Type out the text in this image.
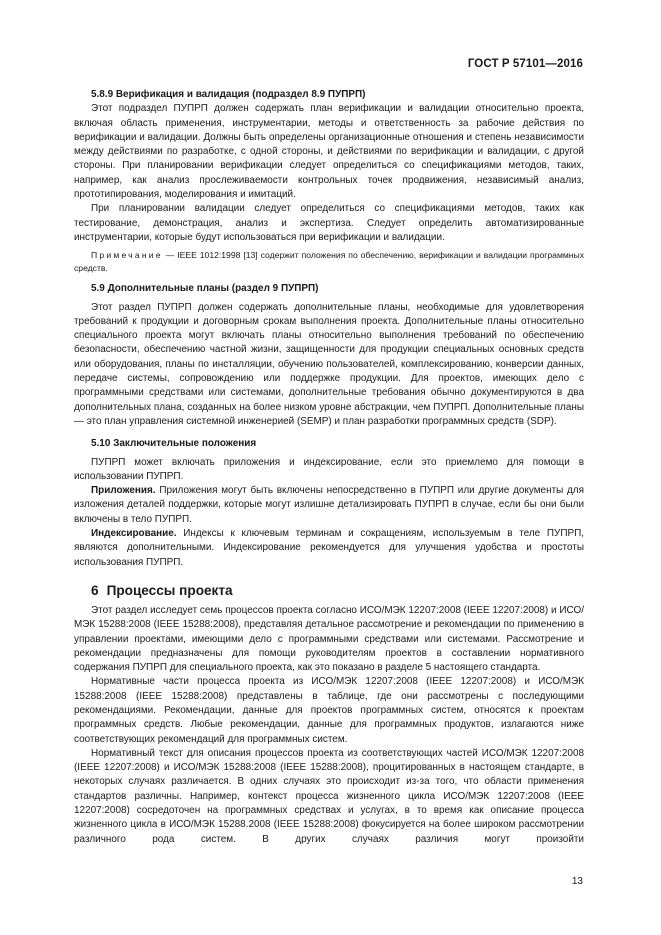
ГОСТ Р 57101—2016
5.8.9 Верификация и валидация (подраздел 8.9 ПУПРП)

Этот подраздел ПУПРП должен содержать план верификации и валидации относительно проекта, включая область применения, инструментарии, методы и ответственность за рабочие действия по верификации и валидации. Должны быть определены организационные отношения и степень независимости между действиями по разработке, с одной стороны, и действиями по верификации и валидации, с другой стороны. При планировании верификации следует определиться со спецификациями методов, таких, например, как анализ прослеживаемости контрольных точек продвижения, независимый анализ, прототипирования, моделирования и имитаций.

При планировании валидации следует определиться со спецификациями методов, таких как тестирование, демонстрация, анализ и экспертиза. Следует определить автоматизированные инструментарии, которые будут использоваться при верификации и валидации.

Примечание — IEEE 1012:1998 [13] содержит положения по обеспечению, верификации и валидации программных средств.

5.9 Дополнительные планы (раздел 9 ПУПРП)

Этот раздел ПУПРП должен содержать дополнительные планы, необходимые для удовлетворения требований к продукции и договорным срокам выполнения проекта. Дополнительные планы относительно специального проекта могут включать планы относительно выполнения требований по обеспечению безопасности, обеспечению частной жизни, защищенности для продукции специальных основных средств или оборудования, планы по инсталляции, обучению пользователей, комплексированию, конверсии данных, передаче системы, сопровождению или поддержке продукции. Для проектов, имеющих дело с программными средствами или системами, дополнительные требования обычно документируются в два дополнительных плана, созданных на более низком уровне абстракции, чем ПУПРП. Дополнительные планы — это план управления системной инженерией (SEMP) и план разработки программных средств (SDP).

5.10 Заключительные положения

ПУПРП может включать приложения и индексирование, если это приемлемо для помощи в использовании ПУПРП.

Приложения. Приложения могут быть включены непосредственно в ПУПРП или другие документы для изложения деталей поддержки, которые могут излишне детализировать ПУПРП в случае, если бы они были включены в тело ПУПРП.

Индексирование. Индексы к ключевым терминам и сокращениям, используемым в теле ПУПРП, являются дополнительными. Индексирование рекомендуется для улучшения удобства и простоты использования ПУПРП.

6 Процессы проекта

Этот раздел исследует семь процессов проекта согласно ИСО/МЭК 12207:2008 (IEEE 12207:2008) и ИСО/МЭК 15288:2008 (IEEE 15288:2008), представляя детальное рассмотрение и рекомендации по применению в управлении проектами, имеющими дело с программными средствами или системами. Рассмотрение и рекомендации предназначены для помощи руководителям проектов в составлении нормативного содержания ПУПРП для специального проекта, как это показано в разделе 5 настоящего стандарта.

Нормативные части процесса проекта из ИСО/МЭК 12207:2008 (IEEE 12207:2008) и ИСО/МЭК 15288:2008 (IEEE 15288:2008) представлены в таблице, где они рассмотрены с последующими рекомендациями. Рекомендации, данные для проектов программных систем, относятся к проектам программных средств. Любые рекомендации, данные для программных продуктов, излагаются ниже соответствующих рекомендаций для программных систем.

Нормативный текст для описания процессов проекта из соответствующих частей ИСО/МЭК 12207:2008 (IEEE 12207:2008) и ИСО/МЭК 15288:2008 (IEEE 15288:2008), процитированных в настоящем стандарте, в некоторых случаях различается. В одних случаях это происходит из-за того, что области применения стандартов различны. Например, контекст процесса жизненного цикла ИСО/МЭК 12207:2008 (IEEE 12207:2008) сосредоточен на программных средствах и услугах, в то время как описание процесса жизненного цикла в ИСО/МЭК 15288.2008 (IEEE 15288:2008) фокусируется на более широком рассмотрении различного рода систем. В других случаях различия могут произойти

13
